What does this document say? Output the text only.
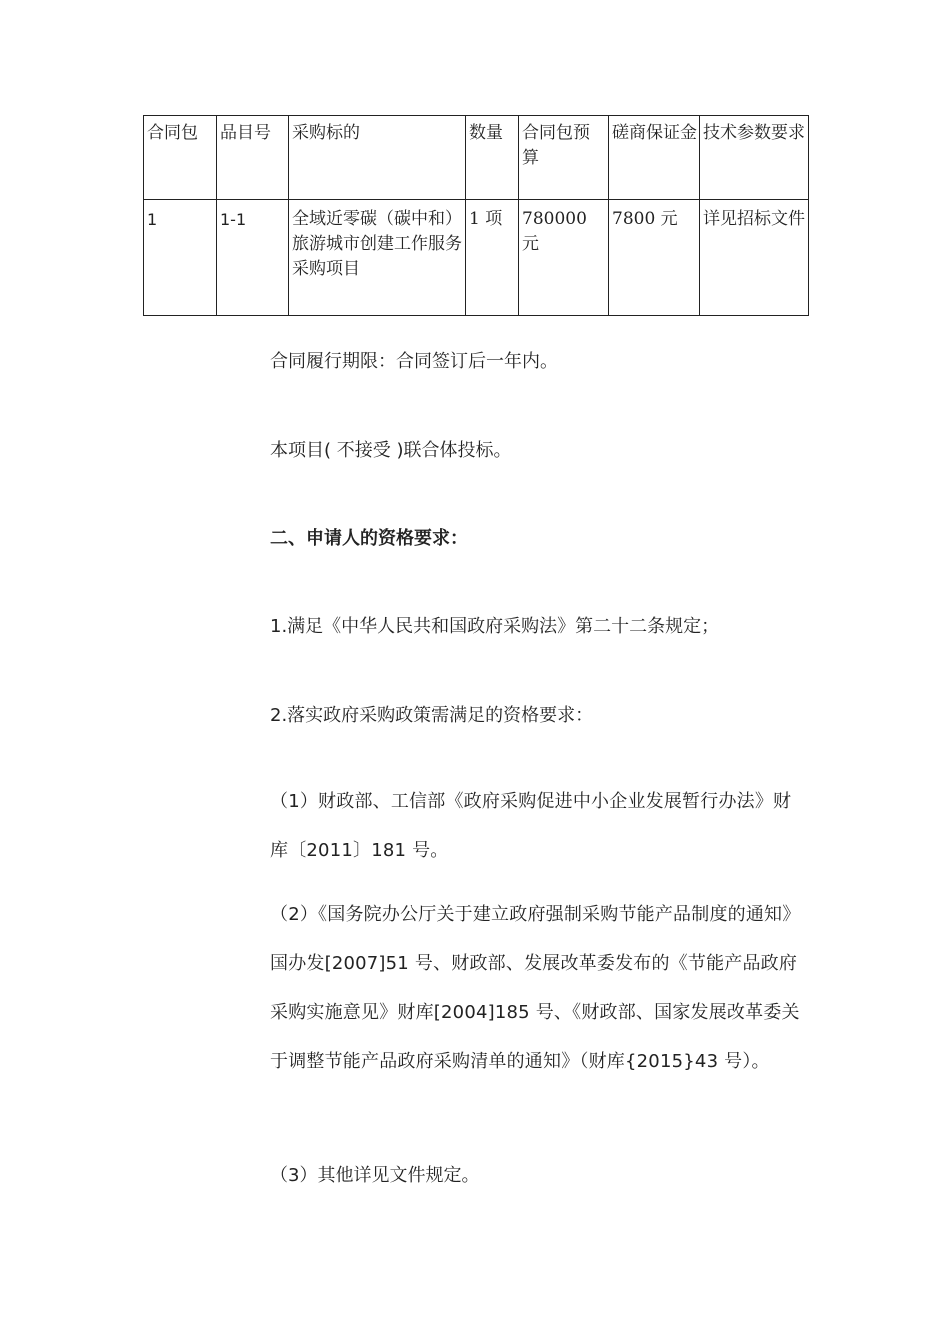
合同包	品目号	采购标的	数量	合同包预算	磋商保证金	技术参数要求
1	1-1	全域近零碳（碳中和）旅游城市创建工作服务采购项目	1 项	780000 元	7800 元	详见招标文件
合同履行期限：合同签订后一年内。
本项目( 不接受 )联合体投标。
二、申请人的资格要求：
1.满足《中华人民共和国政府采购法》第二十二条规定；
2.落实政府采购政策需满足的资格要求：
（1）财政部、工信部《政府采购促进中小企业发展暂行办法》财库〔2011〕181 号。
（2）《国务院办公厅关于建立政府强制采购节能产品制度的通知》国办发[2007]51 号、财政部、发展改革委发布的《节能产品政府采购实施意见》财库[2004]185 号、《财政部、国家发展改革委关于调整节能产品政府采购清单的通知》（财库{2015}43 号）。
（3）其他详见文件规定。
